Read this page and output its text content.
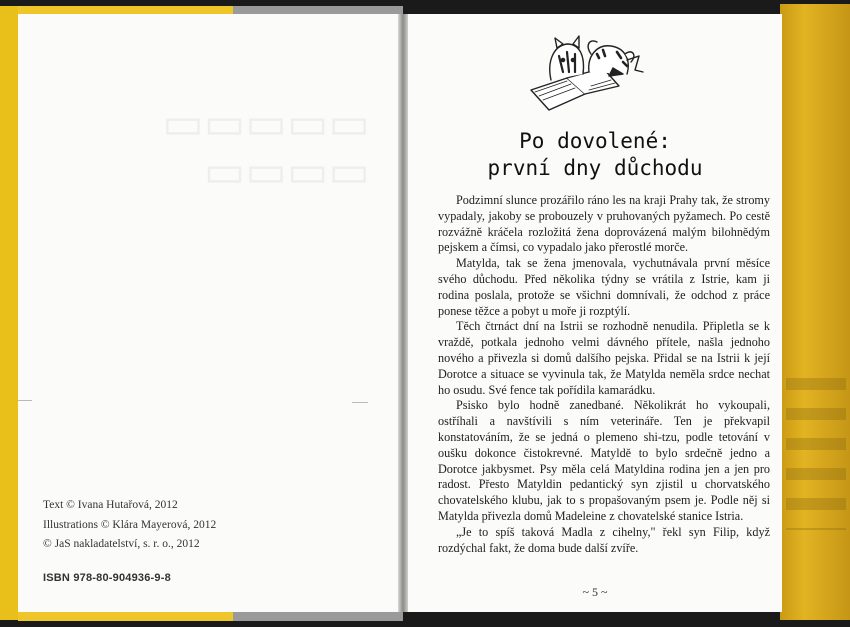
▭▭▭▭▭
▭▭▭▭
Text © Ivana Hutařová, 2012
Illustrations © Klára Mayerová, 2012
© JaS nakladatelství, s. r. o., 2012
ISBN 978-80-904936-9-8
Po dovolené:
první dny důchodu

Podzimní slunce prozářilo ráno les na kraji Prahy tak, že stromy vypadaly, jakoby se probouzely v pruhovaných pyžamech. Po cestě rozvážně kráčela rozložitá žena doprovázená malým bilohnědým pejskem a čímsi, co vypadalo jako přerostlé morče.

Matylda, tak se žena jmenovala, vychutnávala první měsíce svého důchodu. Před několika týdny se vrátila z Istrie, kam ji rodina poslala, protože se všichni domnívali, že odchod z práce ponese těžce a pobyt u moře ji rozptýlí.

Těch čtrnáct dní na Istrii se rozhodně nenudila. Připletla se k vraždě, potkala jednoho velmi dávného přítele, našla jednoho nového a přivezla si domů dalšího pejska. Přidal se na Istrii k její Dorotce a situace se vyvinula tak, že Matylda neměla srdce nechat ho osudu. Své fence tak pořídila kamarádku.

Psisko bylo hodně zanedbané. Několikrát ho vykoupali, ostříhali a navštívili s ním veterináře. Ten je překvapil konstatováním, že se jedná o plemeno shi-tzu, podle tetování v oušku dokonce čistokrevné. Matyldě to bylo srdečně jedno a Dorotce jakbysmet. Psy měla celá Matyldina rodina jen a jen pro radost. Přesto Matyldin pedantický syn zjistil u chorvatského chovatelského klubu, jak to s propašovaným psem je. Podle něj si Matylda přivezla domů Madeleine z chovatelské stanice Istria.

„Je to spíš taková Madla z cihelny," řekl syn Filip, když rozdýchal fakt, že doma bude další zvíře.

~ 5 ~
